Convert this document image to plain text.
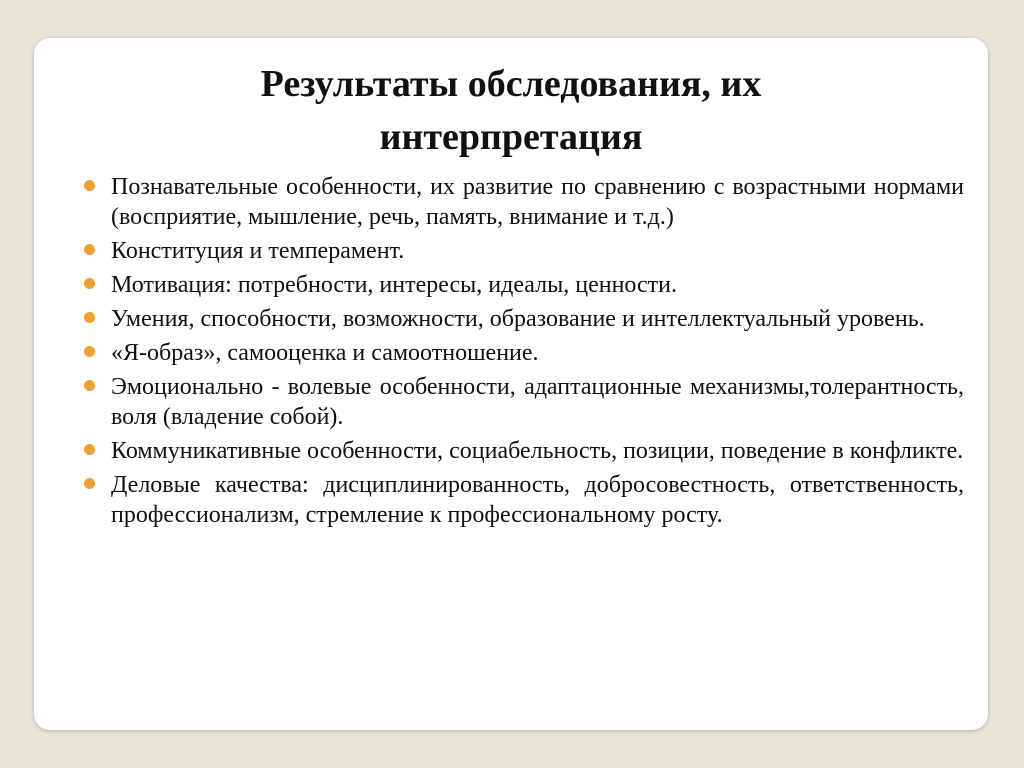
Результаты обследования, их
интерпретация
Познавательные особенности, их развитие по сравнению с возрастными нормами (восприятие, мышление, речь, память, внимание и т.д.)
Конституция и темперамент.
Мотивация: потребности, интересы, идеалы, ценности.
Умения, способности, возможности, образование и интеллектуальный уровень.
«Я-образ», самооценка и самоотношение.
Эмоционально - волевые особенности, адаптационные механизмы,толерантность, воля (владение собой).
Коммуникативные особенности, социабельность, позиции, поведение в конфликте.
Деловые качества: дисциплинированность, добросовестность, ответственность, профессионализм, стремление к профессиональному росту.
